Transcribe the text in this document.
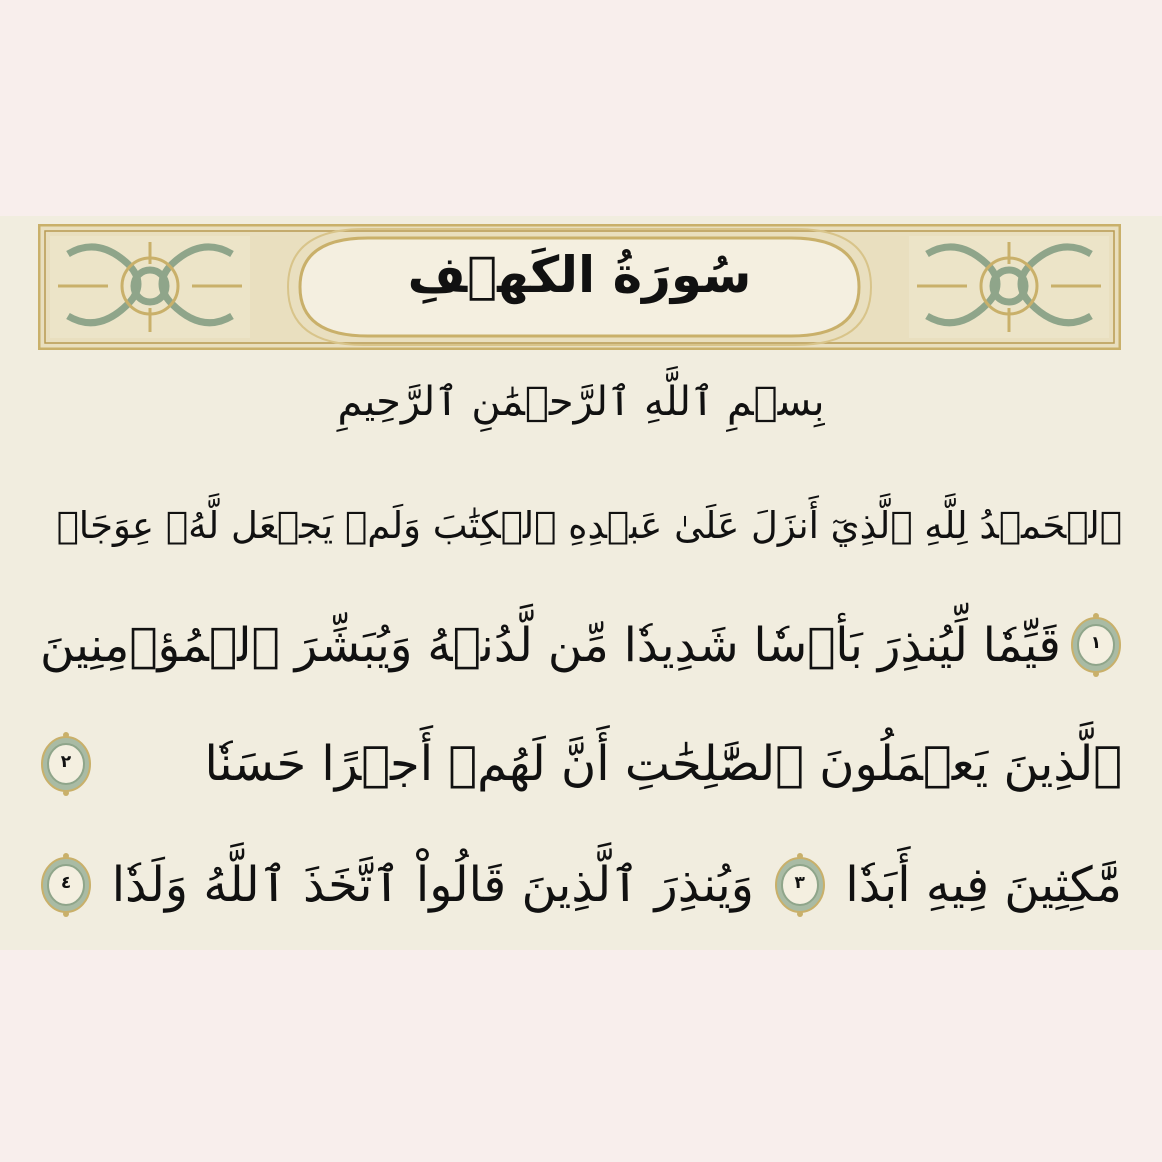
سُورَةُ الكَهۡفِ
بِسۡمِ ٱللَّهِ ٱلرَّحۡمَٰنِ ٱلرَّحِيمِ
ٱلۡحَمۡدُ لِلَّهِ ٱلَّذِيٓ أَنزَلَ عَلَىٰ عَبۡدِهِ ٱلۡكِتَٰبَ وَلَمۡ يَجۡعَل لَّهُۥ عِوَجَاۜ
١
قَيِّمٗا لِّيُنذِرَ بَأۡسٗا شَدِيدٗا مِّن لَّدُنۡهُ وَيُبَشِّرَ ٱلۡمُؤۡمِنِينَ
ٱلَّذِينَ يَعۡمَلُونَ ٱلصَّٰلِحَٰتِ أَنَّ لَهُمۡ أَجۡرًا حَسَنٗا
٢
مَّٰكِثِينَ فِيهِ أَبَدٗا
٣
وَيُنذِرَ ٱلَّذِينَ قَالُواْ ٱتَّخَذَ ٱللَّهُ وَلَدٗا
٤
